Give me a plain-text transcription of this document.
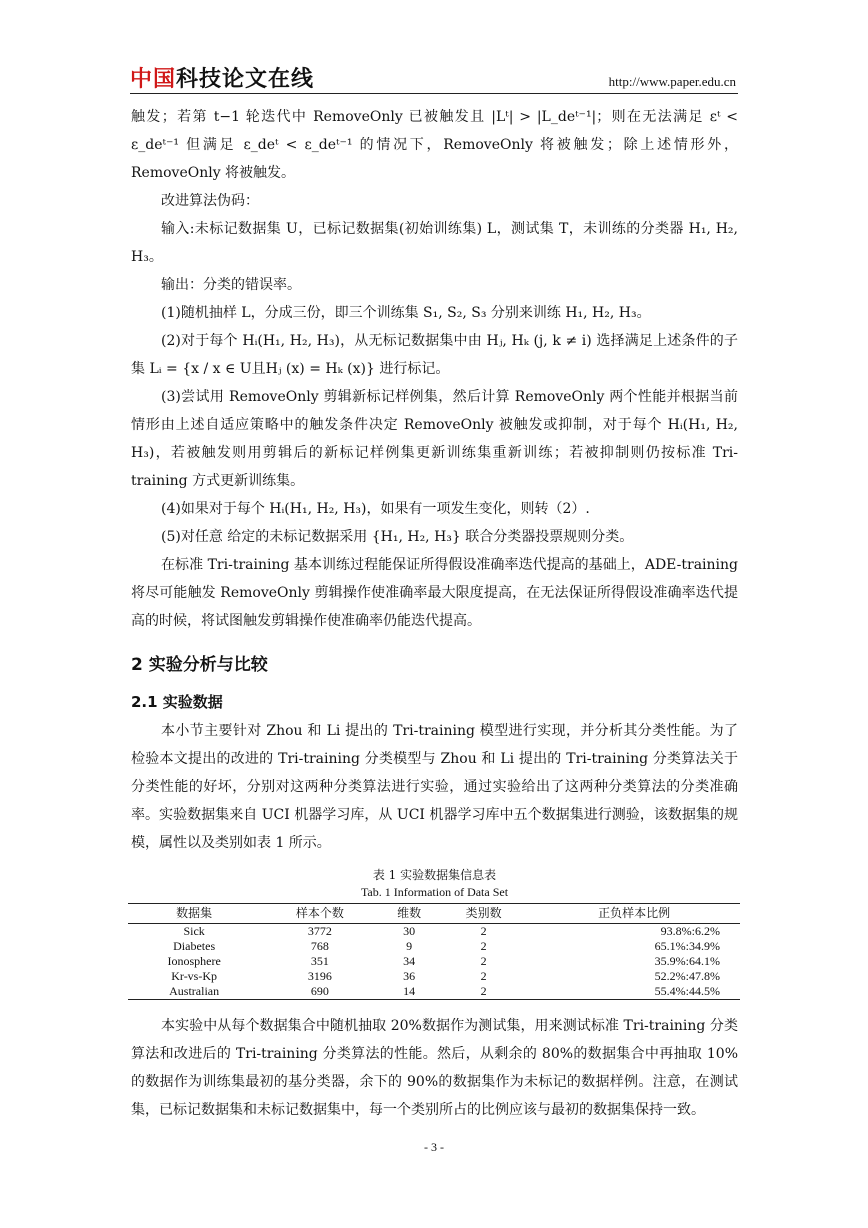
中国科技论文在线	http://www.paper.edu.cn

触发；若第 t−1 轮迭代中 RemoveOnly 已被触发且 |Lᵗ| > |L_deᵗ⁻¹|；则在无法满足 εᵗ < ε_deᵗ⁻¹ 但满足 ε_deᵗ < ε_deᵗ⁻¹ 的情况下，RemoveOnly 将被触发；除上述情形外，RemoveOnly 将被触发。

改进算法伪码：

输入:未标记数据集 U，已标记数据集(初始训练集) L，测试集 T，未训练的分类器 H₁, H₂, H₃。

输出：分类的错误率。

(1)随机抽样 L，分成三份，即三个训练集 S₁, S₂, S₃ 分别来训练 H₁, H₂, H₃。

(2)对于每个 Hᵢ(H₁, H₂, H₃)，从无标记数据集中由 Hⱼ, Hₖ (j, k ≠ i) 选择满足上述条件的子集 Lᵢ = {x / x ∈ U且Hⱼ (x) = Hₖ (x)} 进行标记。

(3)尝试用 RemoveOnly 剪辑新标记样例集，然后计算 RemoveOnly 两个性能并根据当前情形由上述自适应策略中的触发条件决定 RemoveOnly 被触发或抑制，对于每个 Hᵢ(H₁, H₂, H₃)，若被触发则用剪辑后的新标记样例集更新训练集重新训练；若被抑制则仍按标准 Tri-training 方式更新训练集。

(4)如果对于每个 Hᵢ(H₁, H₂, H₃)，如果有一项发生变化，则转（2）.

(5)对任意 给定的未标记数据采用 {H₁, H₂, H₃} 联合分类器投票规则分类。

在标准 Tri-training 基本训练过程能保证所得假设准确率迭代提高的基础上，ADE-training 将尽可能触发 RemoveOnly 剪辑操作使准确率最大限度提高，在无法保证所得假设准确率迭代提高的时候，将试图触发剪辑操作使准确率仍能迭代提高。

2 实验分析与比较
2.1 实验数据

本小节主要针对 Zhou 和 Li 提出的 Tri-training 模型进行实现，并分析其分类性能。为了检验本文提出的改进的 Tri-training 分类模型与 Zhou 和 Li 提出的 Tri-training 分类算法关于分类性能的好坏，分别对这两种分类算法进行实验，通过实验给出了这两种分类算法的分类准确率。实验数据集来自 UCI 机器学习库，从 UCI 机器学习库中五个数据集进行测验，该数据集的规模，属性以及类别如表 1 所示。

表 1 实验数据集信息表
Tab. 1 Information of Data Set
数据集	样本个数	维数	类别数	正负样本比例
Sick	3772	30	2	93.8%:6.2%
Diabetes	768	9	2	65.1%:34.9%
Ionosphere	351	34	2	35.9%:64.1%
Kr-vs-Kp	3196	36	2	52.2%:47.8%
Australian	690	14	2	55.4%:44.5%

本实验中从每个数据集合中随机抽取 20%数据作为测试集，用来测试标准 Tri-training 分类算法和改进后的 Tri-training 分类算法的性能。然后，从剩余的 80%的数据集合中再抽取 10%的数据作为训练集最初的基分类器，余下的 90%的数据集作为未标记的数据样例。注意，在测试集，已标记数据集和未标记数据集中，每一个类别所占的比例应该与最初的数据集保持一致。

- 3 -
